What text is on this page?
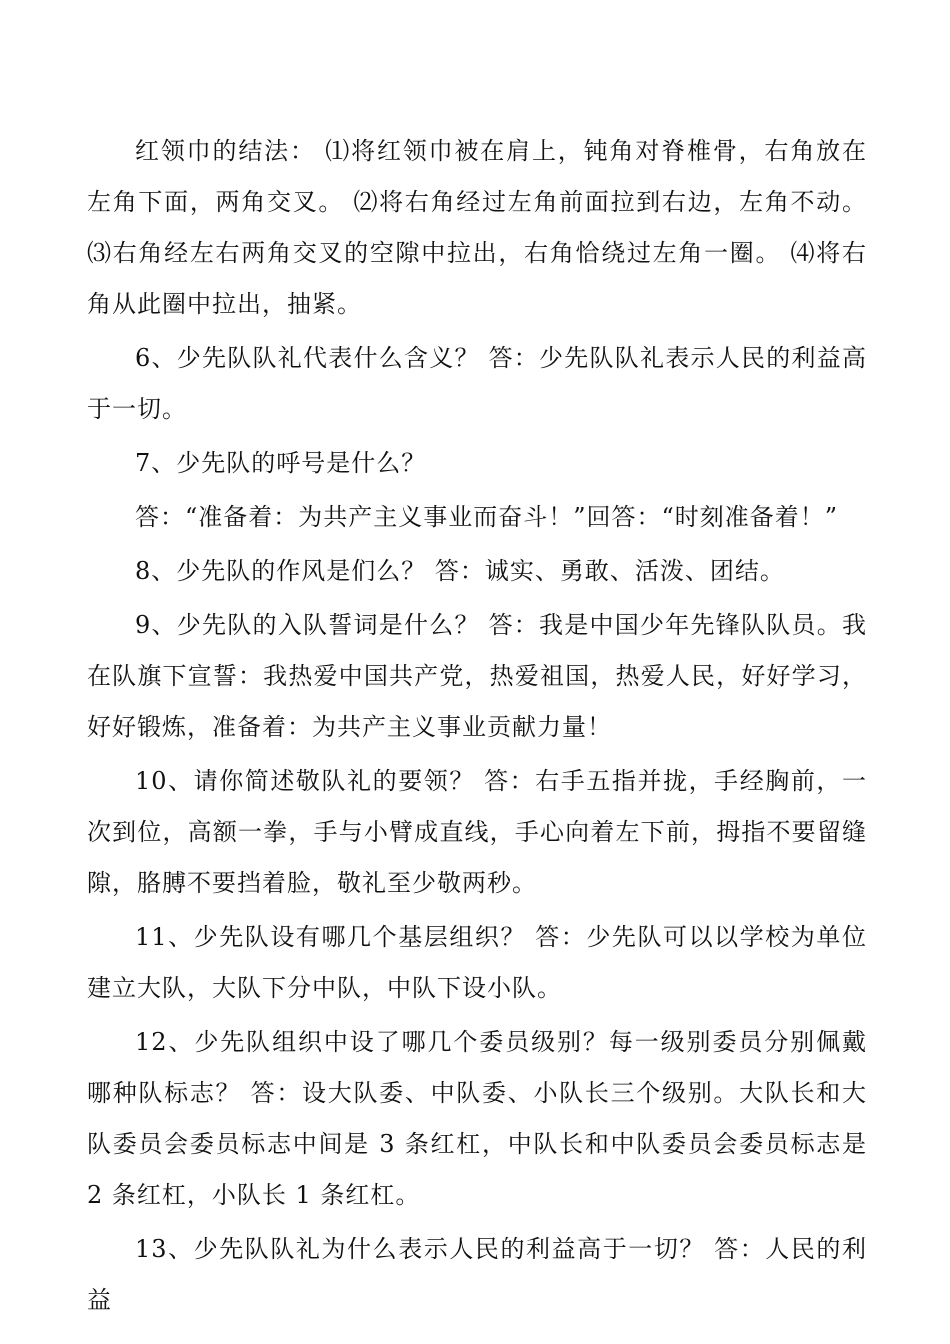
红领巾的结法： ⑴将红领巾被在肩上，钝角对脊椎骨，右角放在左角下面，两角交叉。 ⑵将右角经过左角前面拉到右边，左角不动。 ⑶右角经左右两角交叉的空隙中拉出，右角恰绕过左角一圈。 ⑷将右角从此圈中拉出，抽紧。

6、少先队队礼代表什么含义？ 答：少先队队礼表示人民的利益高于一切。

7、少先队的呼号是什么？

答：“准备着：为共产主义事业而奋斗！”回答：“时刻准备着！”

8、少先队的作风是们么？ 答：诚实、勇敢、活泼、团结。

9、少先队的入队誓词是什么？ 答：我是中国少年先锋队队员。我在队旗下宣誓：我热爱中国共产党，热爱祖国，热爱人民，好好学习，好好锻炼，准备着：为共产主义事业贡献力量！

10、请你简述敬队礼的要领？ 答：右手五指并拢，手经胸前，一次到位，高额一拳，手与小臂成直线，手心向着左下前，拇指不要留缝隙，胳膊不要挡着脸，敬礼至少敬两秒。

11、少先队设有哪几个基层组织？ 答：少先队可以以学校为单位建立大队，大队下分中队，中队下设小队。

12、少先队组织中设了哪几个委员级别？每一级别委员分别佩戴哪种队标志？ 答：设大队委、中队委、小队长三个级别。大队长和大队委员会委员标志中间是 3 条红杠，中队长和中队委员会委员标志是 2 条红杠，小队长 1 条红杠。

13、少先队队礼为什么表示人民的利益高于一切？ 答：人民的利益
